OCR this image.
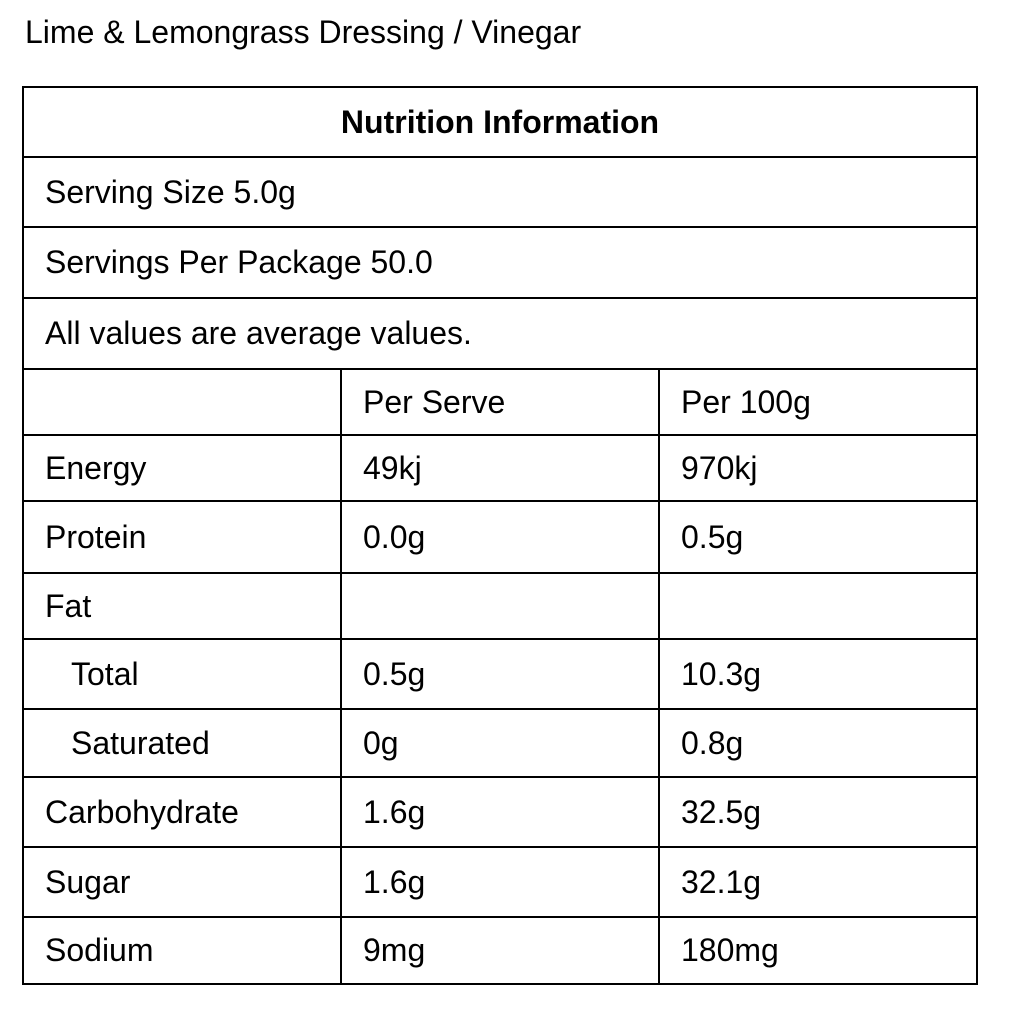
Lime & Lemongrass Dressing / Vinegar
Nutrition Information		
Serving Size 5.0g		
Servings Per Package 50.0		
All values are average values.		
	Per Serve	Per 100g
Energy	49kj	970kj
Protein	0.0g	0.5g
Fat		
Total	0.5g	10.3g
Saturated	0g	0.8g
Carbohydrate	1.6g	32.5g
Sugar	1.6g	32.1g
Sodium	9mg	180mg
